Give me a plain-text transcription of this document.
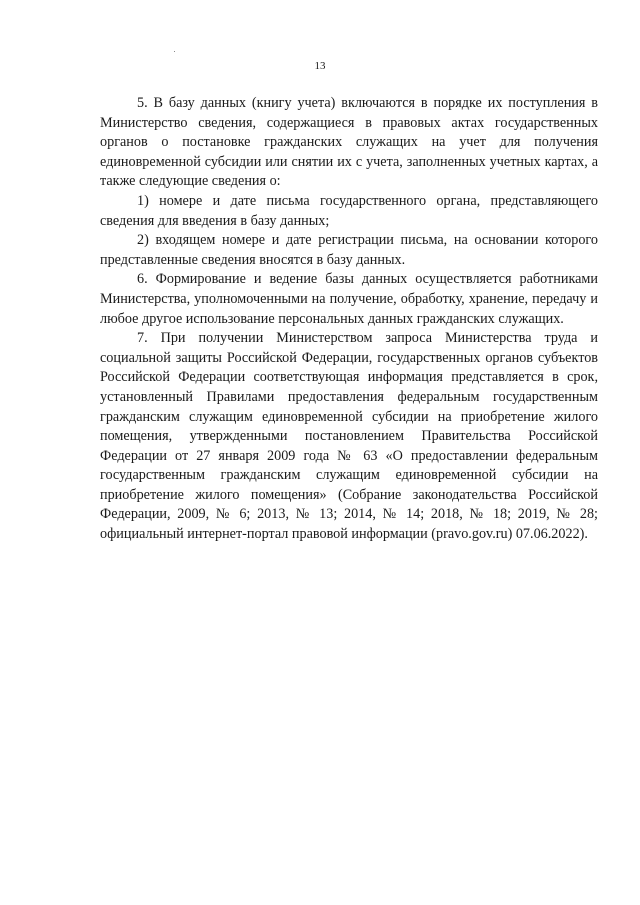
13

5. В базу данных (книгу учета) включаются в порядке их поступления в Министерство сведения, содержащиеся в правовых актах государственных органов о постановке гражданских служащих на учет для получения единовременной субсидии или снятии их с учета, заполненных учетных картах, а также следующие сведения о:

1) номере и дате письма государственного органа, представляющего сведения для введения в базу данных;

2) входящем номере и дате регистрации письма, на основании которого представленные сведения вносятся в базу данных.

6. Формирование и ведение базы данных осуществляется работниками Министерства, уполномоченными на получение, обработку, хранение, передачу и любое другое использование персональных данных гражданских служащих.

7. При получении Министерством запроса Министерства труда и социальной защиты Российской Федерации, государственных органов субъектов Российской Федерации соответствующая информация представляется в срок, установленный Правилами предоставления федеральным государственным гражданским служащим единовременной субсидии на приобретение жилого помещения, утвержденными постановлением Правительства Российской Федерации от 27 января 2009 года № 63 «О предоставлении федеральным государственным гражданским служащим единовременной субсидии на приобретение жилого помещения» (Собрание законодательства Российской Федерации, 2009, № 6; 2013, № 13; 2014, № 14; 2018, № 18; 2019, № 28; официальный интернет-портал правовой информации (pravo.gov.ru) 07.06.2022).
